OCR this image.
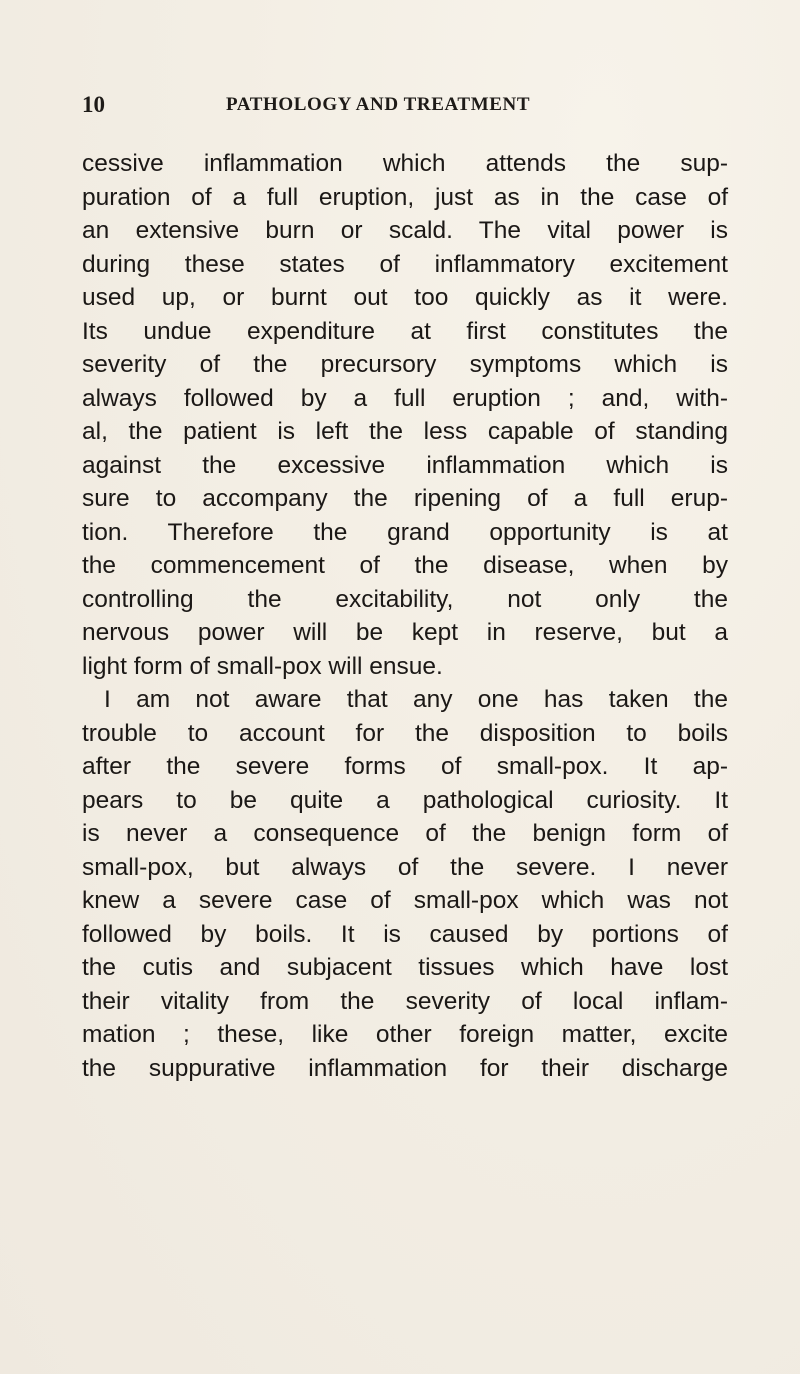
10	PATHOLOGY AND TREATMENT
cessive inflammation which attends the sup-
puration of a full eruption, just as in the case of
an extensive burn or scald. The vital power is
during these states of inflammatory excitement
used up, or burnt out too quickly as it were.
Its undue expenditure at first constitutes the
severity of the precursory symptoms which is
always followed by a full eruption ; and, with-
al, the patient is left the less capable of standing
against the excessive inflammation which is
sure to accompany the ripening of a full erup-
tion. Therefore the grand opportunity is at
the commencement of the disease, when by
controlling the excitability, not only the
nervous power will be kept in reserve, but a
light form of small-pox will ensue.
I am not aware that any one has taken the
trouble to account for the disposition to boils
after the severe forms of small-pox. It ap-
pears to be quite a pathological curiosity. It
is never a consequence of the benign form of
small-pox, but always of the severe. I never
knew a severe case of small-pox which was not
followed by boils. It is caused by portions of
the cutis and subjacent tissues which have lost
their vitality from the severity of local inflam-
mation ; these, like other foreign matter, excite
the suppurative inflammation for their discharge
